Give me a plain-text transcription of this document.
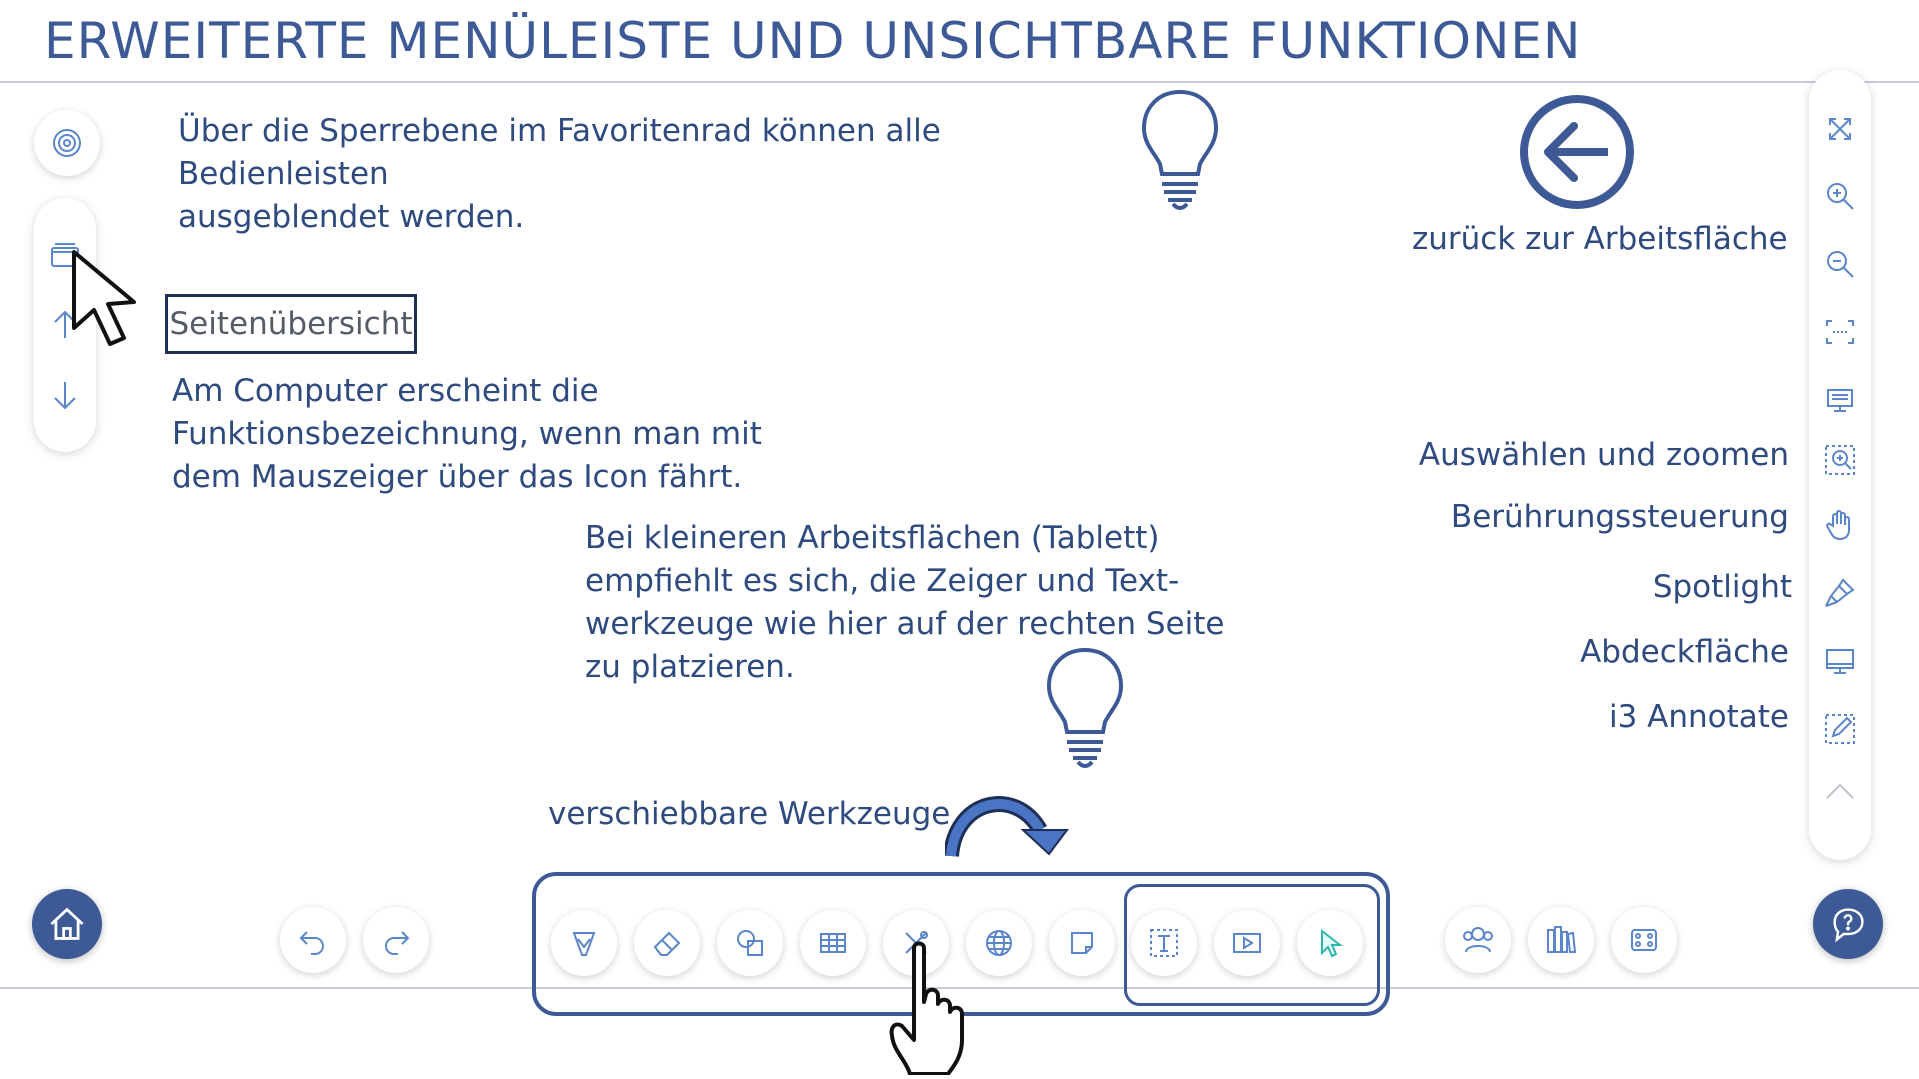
ERWEITERTE MENÜLEISTE UND UNSICHTBARE FUNKTIONEN
Seitenübersicht
Über die Sperrebene im Favoritenrad können alle Bedienleisten
ausgeblendet werden.
Am Computer erscheint die
Funktionsbezeichnung, wenn man mit
dem Mauszeiger über das Icon fährt.
Bei kleineren Arbeitsflächen (Tablett)
empfiehlt es sich, die Zeiger und Text-
werkzeuge wie hier auf der rechten Seite
zu platzieren.
verschiebbare Werkzeuge
zurück zur Arbeitsfläche
Auswählen und zoomen
Berührungssteuerung
Spotlight
Abdeckfläche
i3 Annotate
